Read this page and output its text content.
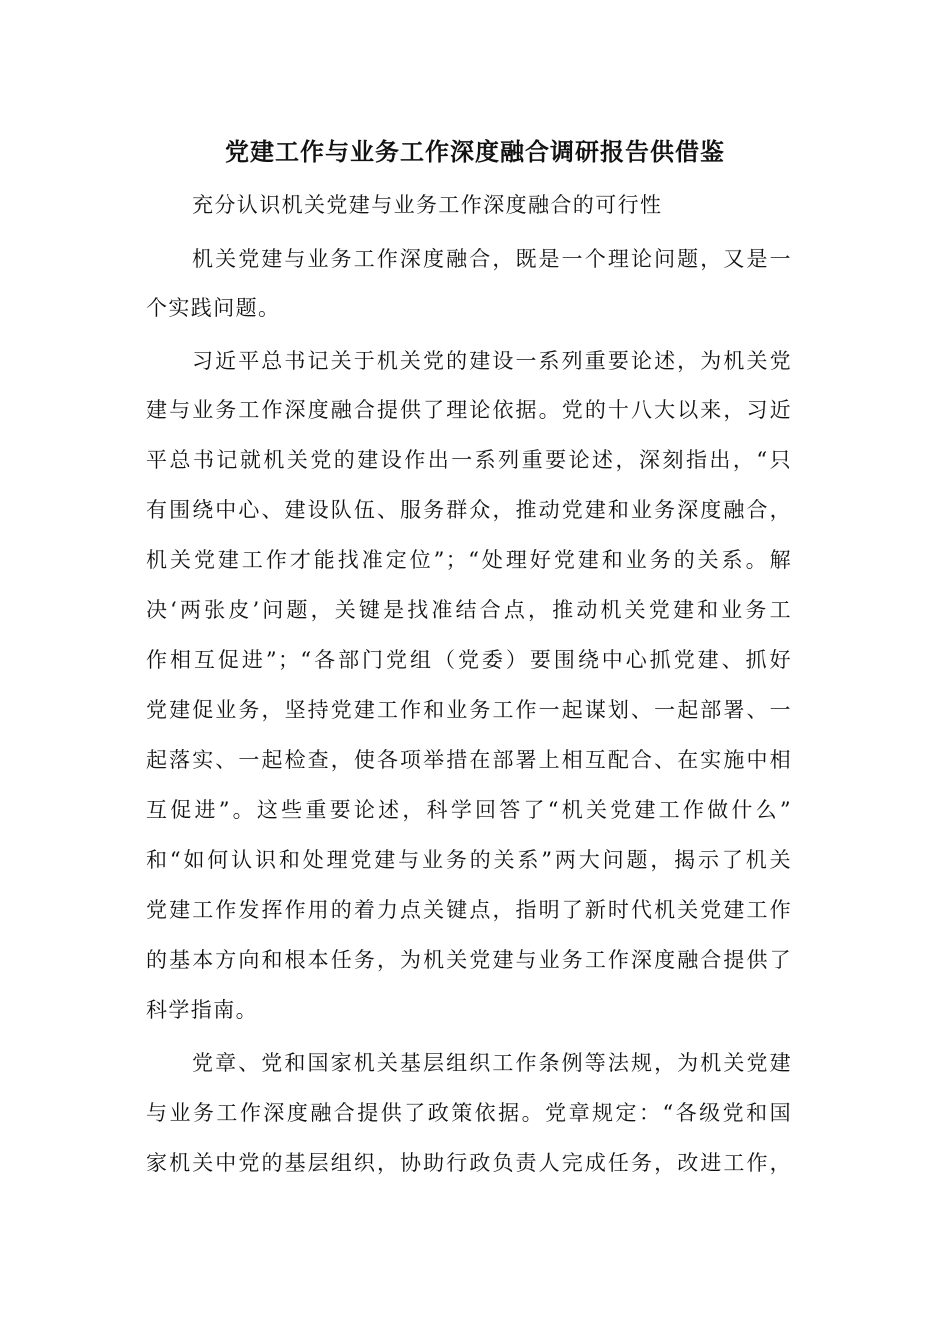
党建工作与业务工作深度融合调研报告供借鉴
充分认识机关党建与业务工作深度融合的可行性
机关党建与业务工作深度融合，既是一个理论问题，又是一
个实践问题。
习近平总书记关于机关党的建设一系列重要论述，为机关党
建与业务工作深度融合提供了理论依据。党的十八大以来，习近
平总书记就机关党的建设作出一系列重要论述，深刻指出，“只
有围绕中心、建设队伍、服务群众，推动党建和业务深度融合，
机关党建工作才能找准定位”；“处理好党建和业务的关系。解
决‘两张皮’问题，关键是找准结合点，推动机关党建和业务工
作相互促进”；“各部门党组（党委）要围绕中心抓党建、抓好
党建促业务，坚持党建工作和业务工作一起谋划、一起部署、一
起落实、一起检查，使各项举措在部署上相互配合、在实施中相
互促进”。这些重要论述，科学回答了“机关党建工作做什么”
和“如何认识和处理党建与业务的关系”两大问题，揭示了机关
党建工作发挥作用的着力点关键点，指明了新时代机关党建工作
的基本方向和根本任务，为机关党建与业务工作深度融合提供了
科学指南。
党章、党和国家机关基层组织工作条例等法规，为机关党建
与业务工作深度融合提供了政策依据。党章规定：“各级党和国
家机关中党的基层组织，协助行政负责人完成任务，改进工作，
